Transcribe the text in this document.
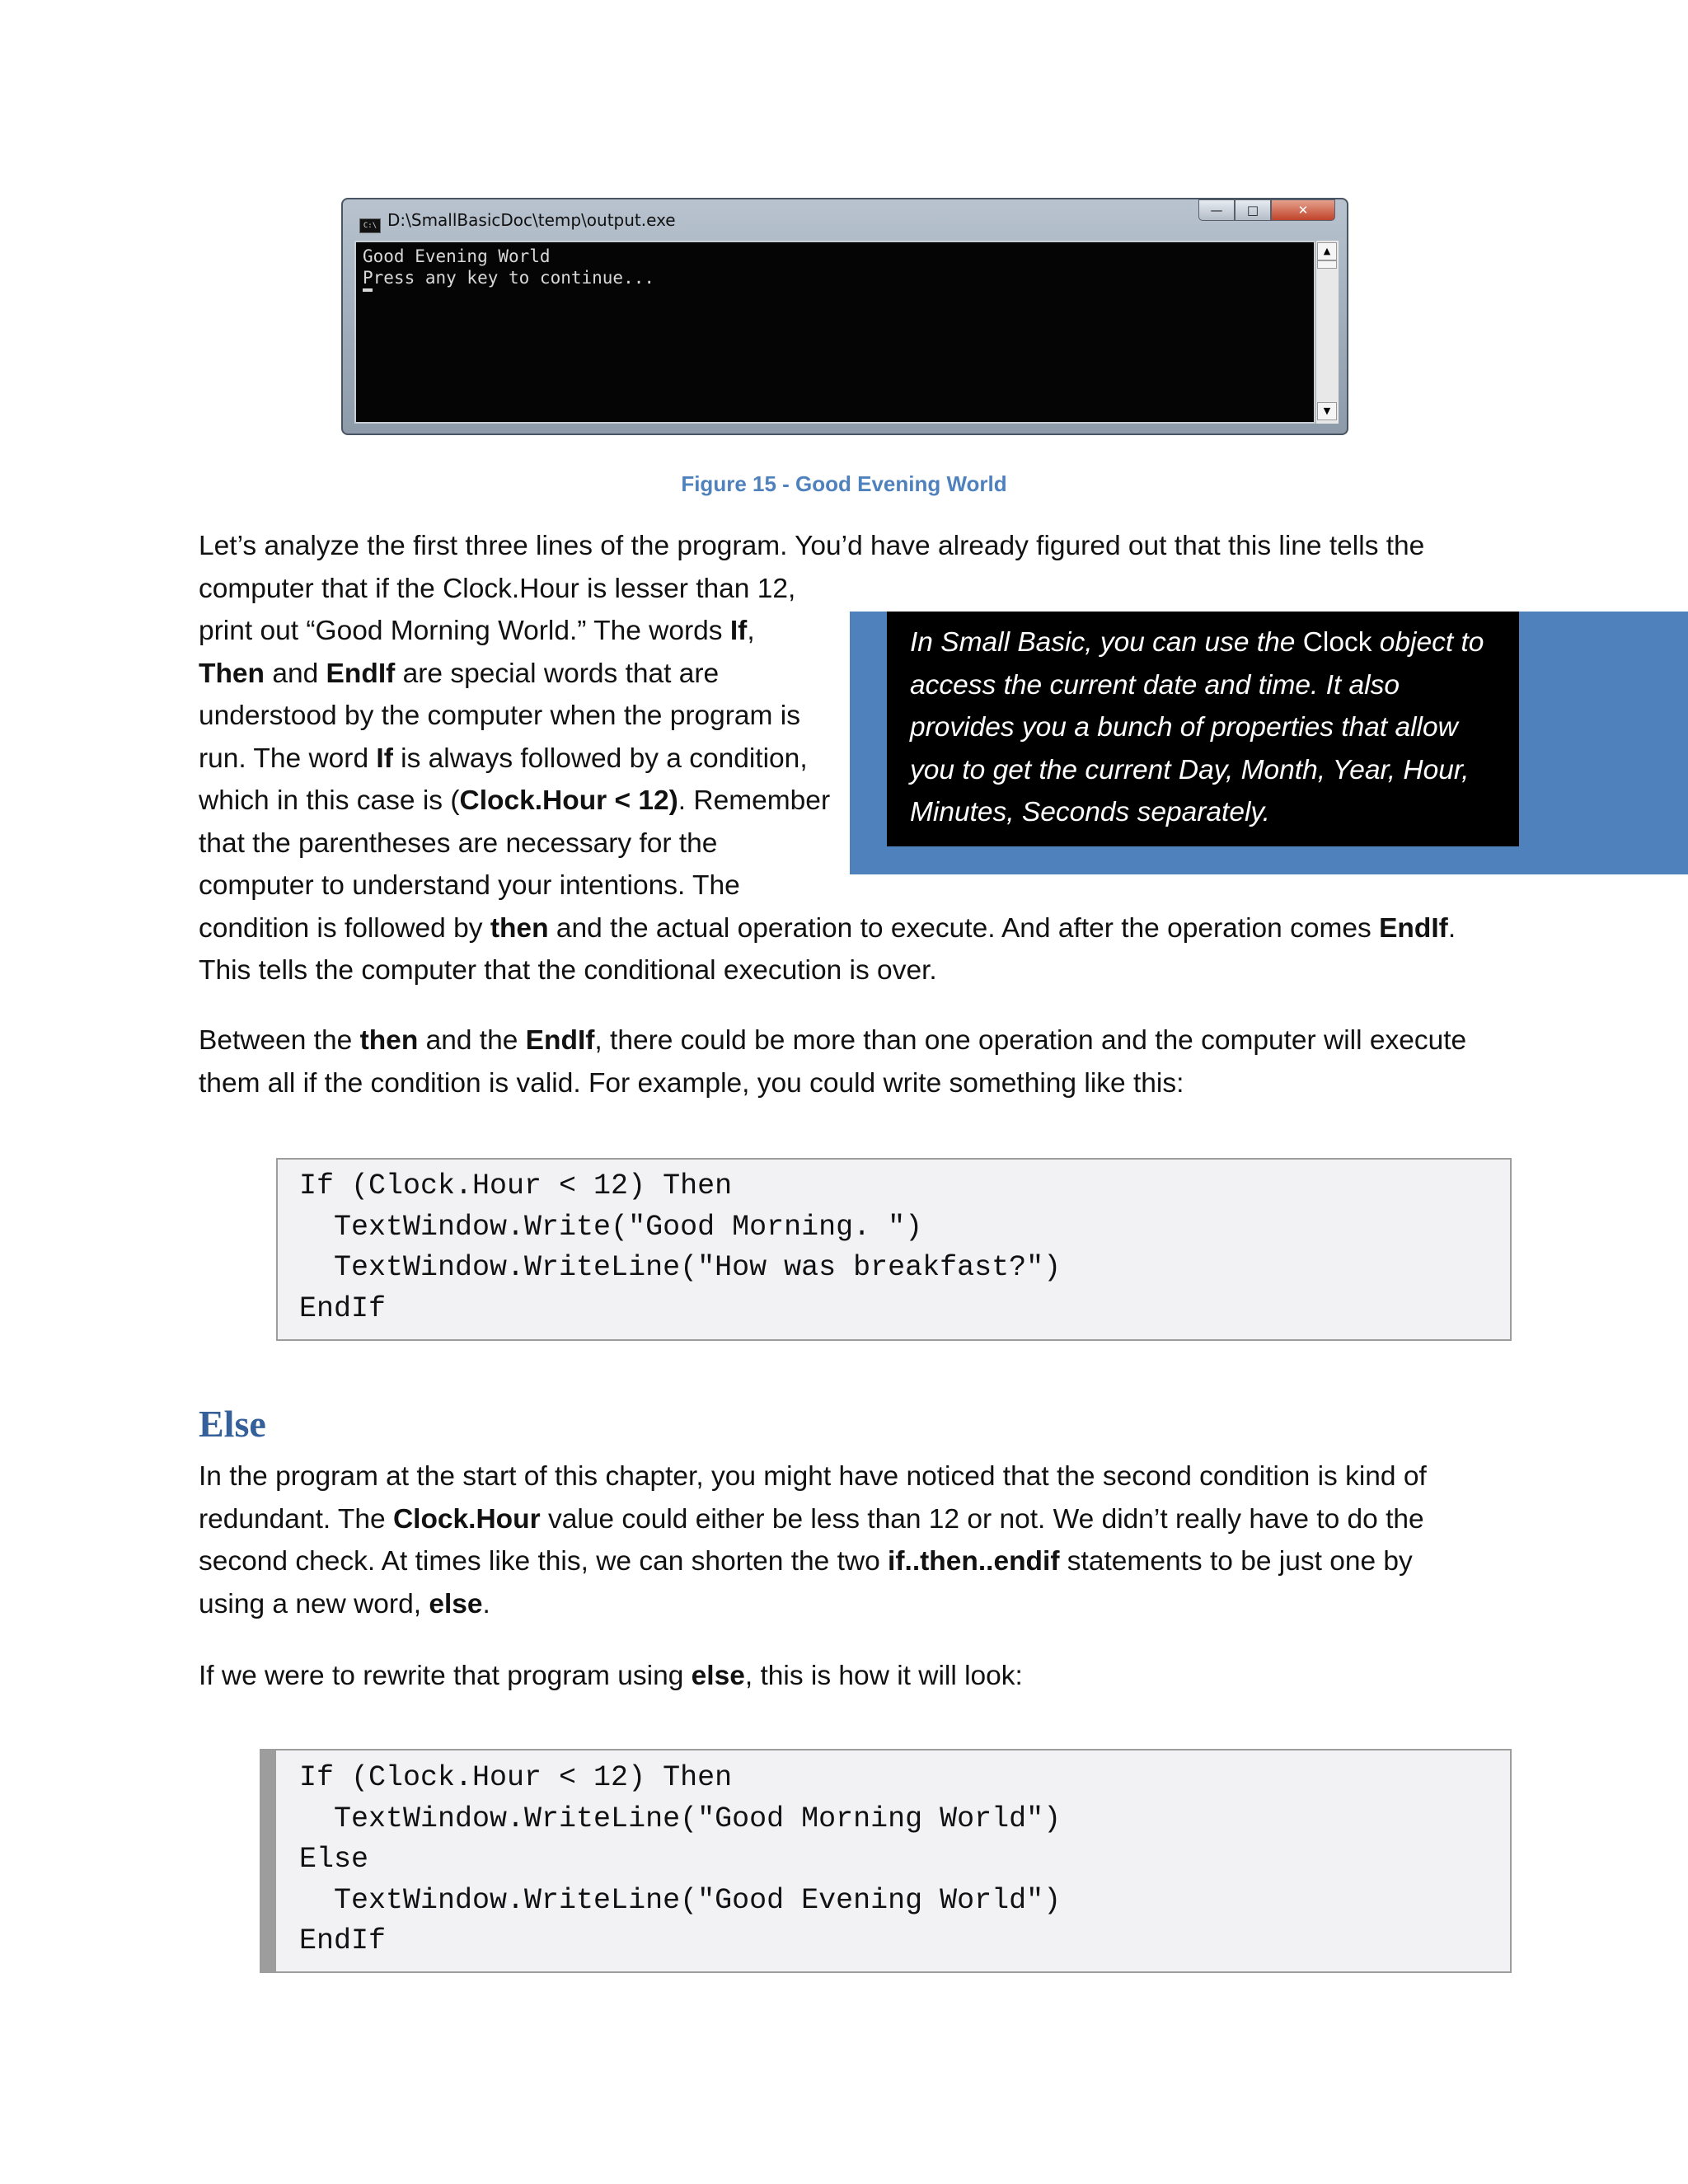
C:\ D:\SmallBasicDoc\temp\output.exe	— □	✕
Good Evening World
Press any key to continue...
▲
▼
Figure 15 - Good Evening World
Let’s analyze the first three lines of the program. You’d have already figured out that this line tells the
computer that if the Clock.Hour is lesser than 12,
print out “Good Morning World.” The words If,
Then and EndIf are special words that are
understood by the computer when the program is
run. The word If is always followed by a condition,
which in this case is (Clock.Hour < 12). Remember
that the parentheses are necessary for the
computer to understand your intentions. The
condition is followed by then and the actual operation to execute. And after the operation comes EndIf.
This tells the computer that the conditional execution is over.
In Small Basic, you can use the Clock object to
access the current date and time. It also
provides you a bunch of properties that allow
you to get the current Day, Month, Year, Hour,
Minutes, Seconds separately.
Between the then and the EndIf, there could be more than one operation and the computer will execute
them all if the condition is valid. For example, you could write something like this:
If (Clock.Hour < 12) Then
TextWindow.Write("Good Morning. ")
TextWindow.WriteLine("How was breakfast?")
EndIf
Else
In the program at the start of this chapter, you might have noticed that the second condition is kind of
redundant. The Clock.Hour value could either be less than 12 or not. We didn’t really have to do the
second check. At times like this, we can shorten the two if..then..endif statements to be just one by
using a new word, else.
If we were to rewrite that program using else, this is how it will look:
If (Clock.Hour < 12) Then
TextWindow.WriteLine("Good Morning World")
Else
TextWindow.WriteLine("Good Evening World")
EndIf
